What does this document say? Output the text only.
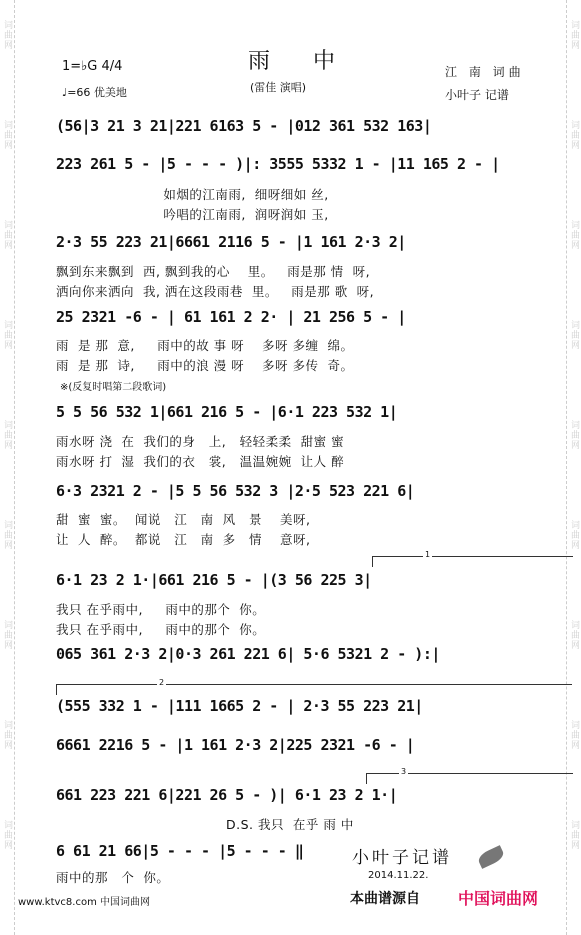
词曲网
词曲网
词曲网
词曲网
词曲网
词曲网
词曲网
词曲网
词曲网
词曲网
词曲网
词曲网
词曲网
词曲网
词曲网
词曲网
词曲网
词曲网
1=♭G 4/4
♩=66 优美地
雨 中
(雷佳 演唱)
江 南 词曲
小叶子 记谱
(56|3 21 3 21|221 6163 5 - |012 361 532 163|
223 261 5 - |5 - - - )|: 3555 5332 1 - |11 165 2 - |
如烟的江南雨,  细呀细如 丝,
吟唱的江南雨,  润呀润如 玉,
2·3 55 223 21|6661 2116 5 - |1 161 2·3 2|
飘到东来飘到  西, 飘到我的心    里。   雨是那 情  呀,
洒向你来洒向  我, 洒在这段雨巷  里。   雨是那 歌  呀,
25 2321 -6 - | 61 161 2 2· | 21 256 5 - |
雨  是 那  意,     雨中的故 事 呀    多呀 多缠  绵。
雨  是 那  诗,     雨中的浪 漫 呀    多呀 多传  奇。
※(反复时唱第二段歌词)
5 5 56 532 1|661 216 5 - |6·1 223 532 1|
雨水呀 浇  在  我们的身   上,   轻轻柔柔  甜蜜 蜜
雨水呀 打  湿  我们的衣   裳,   温温婉婉  让人 醉
6·3 2321 2 - |5 5 56 532 3 |2·5 523 221 6|
甜  蜜  蜜。  闻说   江   南  风   景    美呀,
让  人  醉。  都说   江   南  多   情    意呀,
1
6·1 23 2 1·|661 216 5 - |(3 56 225 3|
我只 在乎雨中,     雨中的那个  你。
我只 在乎雨中,     雨中的那个  你。
065 361 2·3 2|0·3 261 221 6| 5·6 5321 2 - ):|
2
(555 332 1 - |111 1665 2 - | 2·3 55 223 21|
6661 2216 5 - |1 161 2·3 2|225 2321 -6 - |
3
661 223 221 6|221 26 5 - )| 6·1 23 2 1·|
D.S. 我只  在乎 雨 中
6 61 21 66|5 - - - |5 - - - ‖
雨中的那   个  你。
小叶子记谱
2014.11.22.
本曲谱源自 中国词曲网
www.ktvc8.com 中国词曲网
